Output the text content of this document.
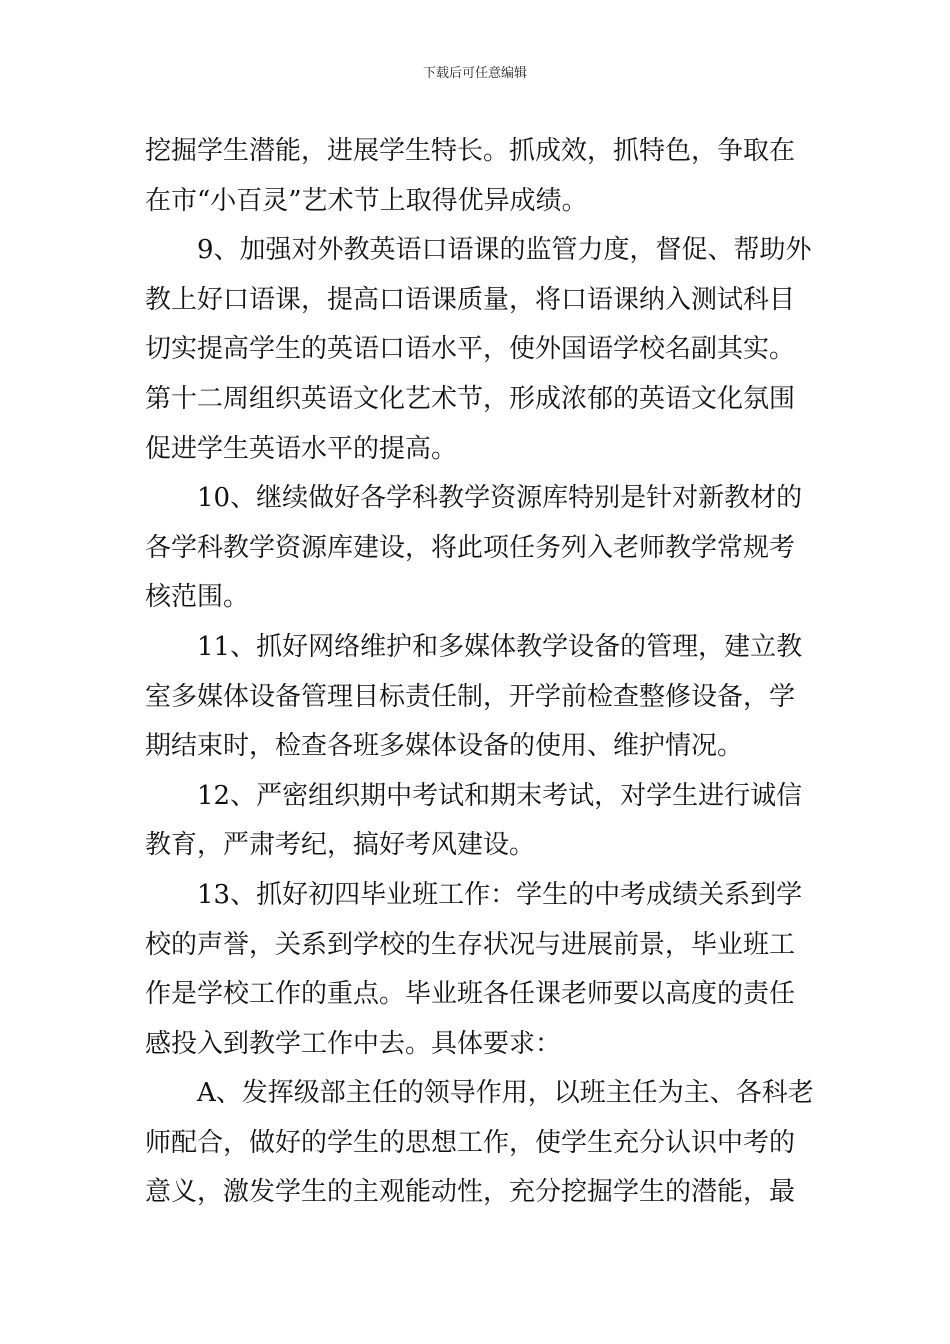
下载后可任意编辑
挖掘学生潜能，进展学生特长。抓成效，抓特色，争取在
在市“小百灵”艺术节上取得优异成绩。
9、加强对外教英语口语课的监管力度，督促、帮助外
教上好口语课，提高口语课质量，将口语课纳入测试科目
切实提高学生的英语口语水平，使外国语学校名副其实。
第十二周组织英语文化艺术节，形成浓郁的英语文化氛围
促进学生英语水平的提高。
10、继续做好各学科教学资源库特别是针对新教材的
各学科教学资源库建设，将此项任务列入老师教学常规考
核范围。
11、抓好网络维护和多媒体教学设备的管理，建立教
室多媒体设备管理目标责任制，开学前检查整修设备，学
期结束时，检查各班多媒体设备的使用、维护情况。
12、严密组织期中考试和期末考试，对学生进行诚信
教育，严肃考纪，搞好考风建设。
13、抓好初四毕业班工作：学生的中考成绩关系到学
校的声誉，关系到学校的生存状况与进展前景，毕业班工
作是学校工作的重点。毕业班各任课老师要以高度的责任
感投入到教学工作中去。具体要求：
A、发挥级部主任的领导作用，以班主任为主、各科老
师配合，做好的学生的思想工作，使学生充分认识中考的
意义，激发学生的主观能动性，充分挖掘学生的潜能，最
